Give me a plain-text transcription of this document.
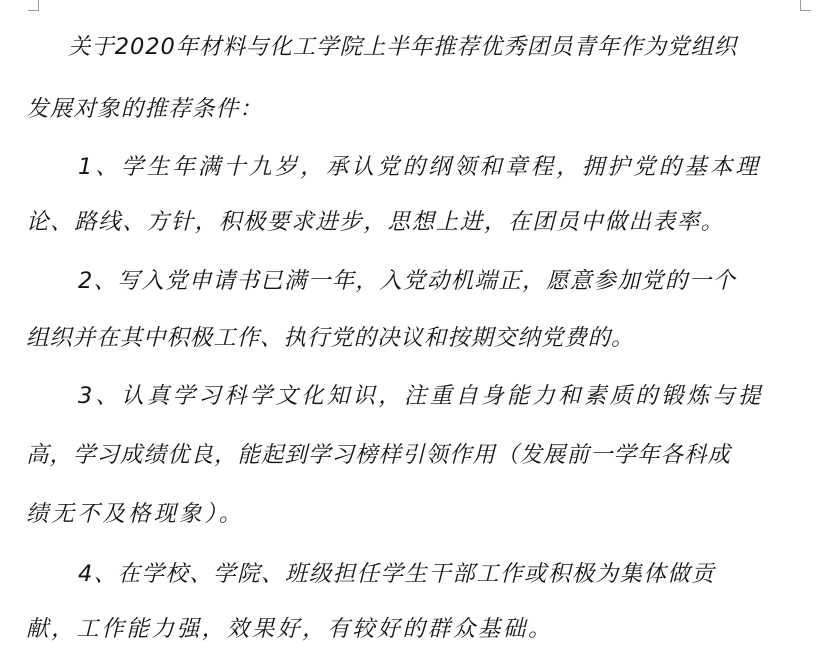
关于2020年材料与化工学院上半年推荐优秀团员青年作为党组织
发展对象的推荐条件：
1、学生年满十九岁，承认党的纲领和章程，拥护党的基本理
论、路线、方针，积极要求进步，思想上进，在团员中做出表率。
2、写入党申请书已满一年，入党动机端正，愿意参加党的一个
组织并在其中积极工作、执行党的决议和按期交纳党费的。
3、认真学习科学文化知识，注重自身能力和素质的锻炼与提
高，学习成绩优良，能起到学习榜样引领作用（发展前一学年各科成
绩无不及格现象）。
4、在学校、学院、班级担任学生干部工作或积极为集体做贡
献，工作能力强，效果好，有较好的群众基础。
